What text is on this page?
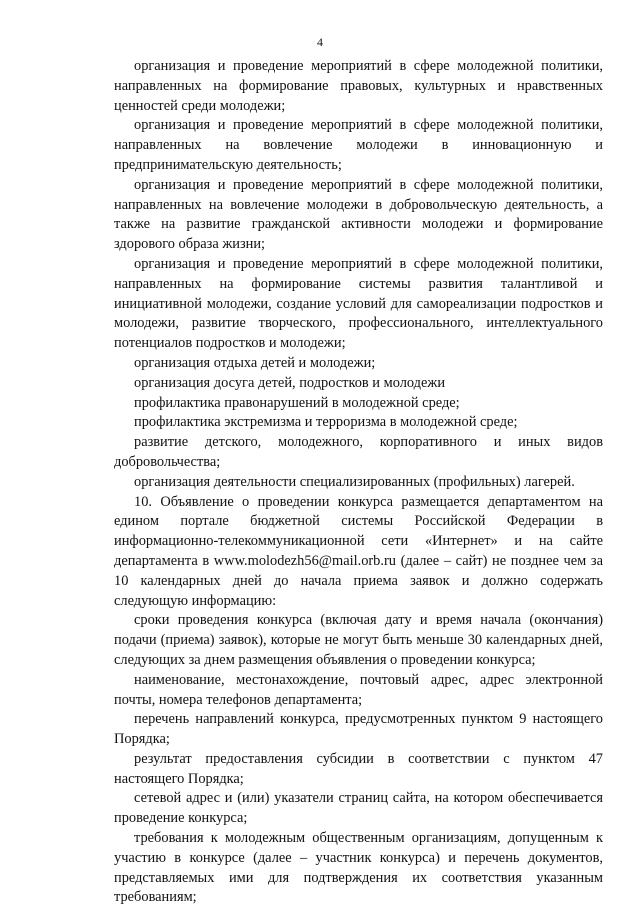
4

организация и проведение мероприятий в сфере молодежной политики, направленных на формирование правовых, культурных и нравственных ценностей среди молодежи;

организация и проведение мероприятий в сфере молодежной политики, направленных на вовлечение молодежи в инновационную и предпринимательскую деятельность;

организация и проведение мероприятий в сфере молодежной политики, направленных на вовлечение молодежи в добровольческую деятельность, а также на развитие гражданской активности молодежи и формирование здорового образа жизни;

организация и проведение мероприятий в сфере молодежной политики, направленных на формирование системы развития талантливой и инициативной молодежи, создание условий для самореализации подростков и молодежи, развитие творческого, профессионального, интеллектуального потенциалов подростков и молодежи;

организация отдыха детей и молодежи;

организация досуга детей, подростков и молодежи

профилактика правонарушений в молодежной среде;

профилактика экстремизма и терроризма в молодежной среде;

развитие детского, молодежного, корпоративного и иных видов добровольчества;

организация деятельности специализированных (профильных) лагерей.

10. Объявление о проведении конкурса размещается департаментом на едином портале бюджетной системы Российской Федерации в информационно-телекоммуникационной сети «Интернет» и на сайте департамента в www.molodezh56@mail.orb.ru (далее – сайт) не позднее чем за 10 календарных дней до начала приема заявок и должно содержать следующую информацию:

сроки проведения конкурса (включая дату и время начала (окончания) подачи (приема) заявок), которые не могут быть меньше 30 календарных дней, следующих за днем размещения объявления о проведении конкурса;

наименование, местонахождение, почтовый адрес, адрес электронной почты, номера телефонов департамента;

перечень направлений конкурса, предусмотренных пунктом 9 настоящего Порядка;

результат предоставления субсидии в соответствии с пунктом 47 настоящего Порядка;

сетевой адрес и (или) указатели страниц сайта, на котором обеспечивается проведение конкурса;

требования к молодежным общественным организациям, допущенным к участию в конкурсе (далее – участник конкурса) и перечень документов, представляемых ими для подтверждения их соответствия указанным требованиям;
